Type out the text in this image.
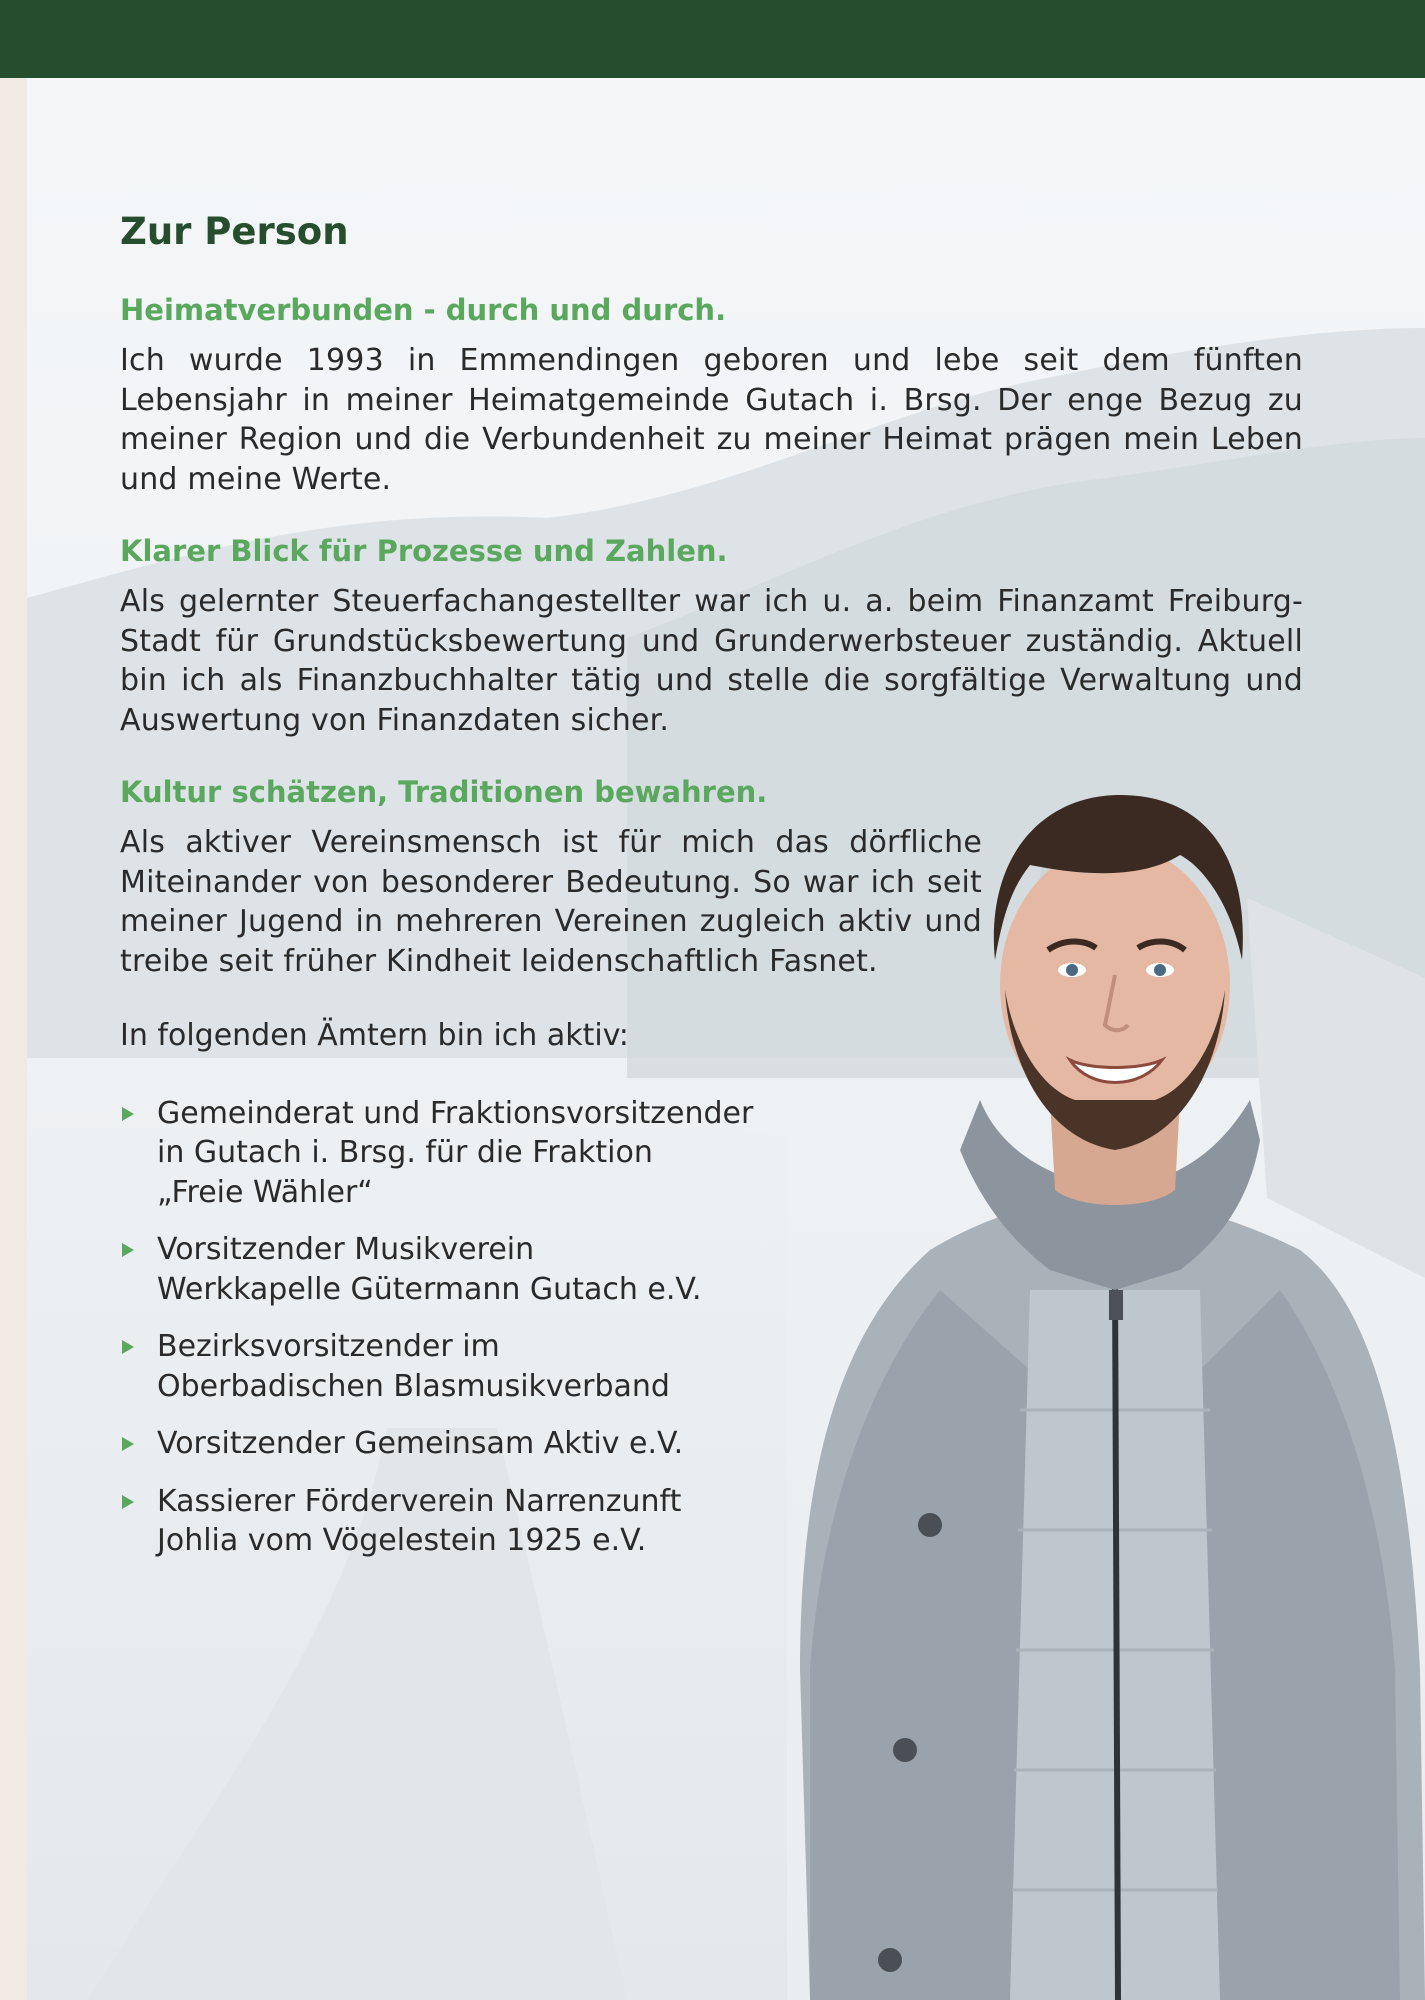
Zur Person
Heimatverbunden - durch und durch.

Ich wurde 1993 in Emmendingen geboren und lebe seit dem fünften Lebensjahr in meiner Heimatgemeinde Gutach i. Brsg. Der enge Bezug zu meiner Region und die Verbundenheit zu meiner Heimat prägen mein Leben und meine Werte.

Klarer Blick für Prozesse und Zahlen.

Als gelernter Steuerfachangestellter war ich u. a. beim Finanzamt Freiburg-Stadt für Grundstücksbewertung und Grunderwerbsteuer zuständig. Aktuell bin ich als Finanzbuchhalter tätig und stelle die sorgfältige Verwaltung und Auswertung von Finanzdaten sicher.

Kultur schätzen, Traditionen bewahren.

Als aktiver Vereinsmensch ist für mich das dörfliche Miteinander von besonderer Bedeutung. So war ich seit meiner Jugend in mehreren Vereinen zugleich aktiv und treibe seit früher Kindheit leidenschaftlich Fasnet.

In folgenden Ämtern bin ich aktiv:

Gemeinderat und Fraktionsvorsitzender
in Gutach i. Brsg. für die Fraktion
„Freie Wähler“
Vorsitzender Musikverein
Werkkapelle Gütermann Gutach e.V.
Bezirksvorsitzender im
Oberbadischen Blasmusikverband
Vorsitzender Gemeinsam Aktiv e.V.
Kassierer Förderverein Narrenzunft
Johlia vom Vögelestein 1925 e.V.
